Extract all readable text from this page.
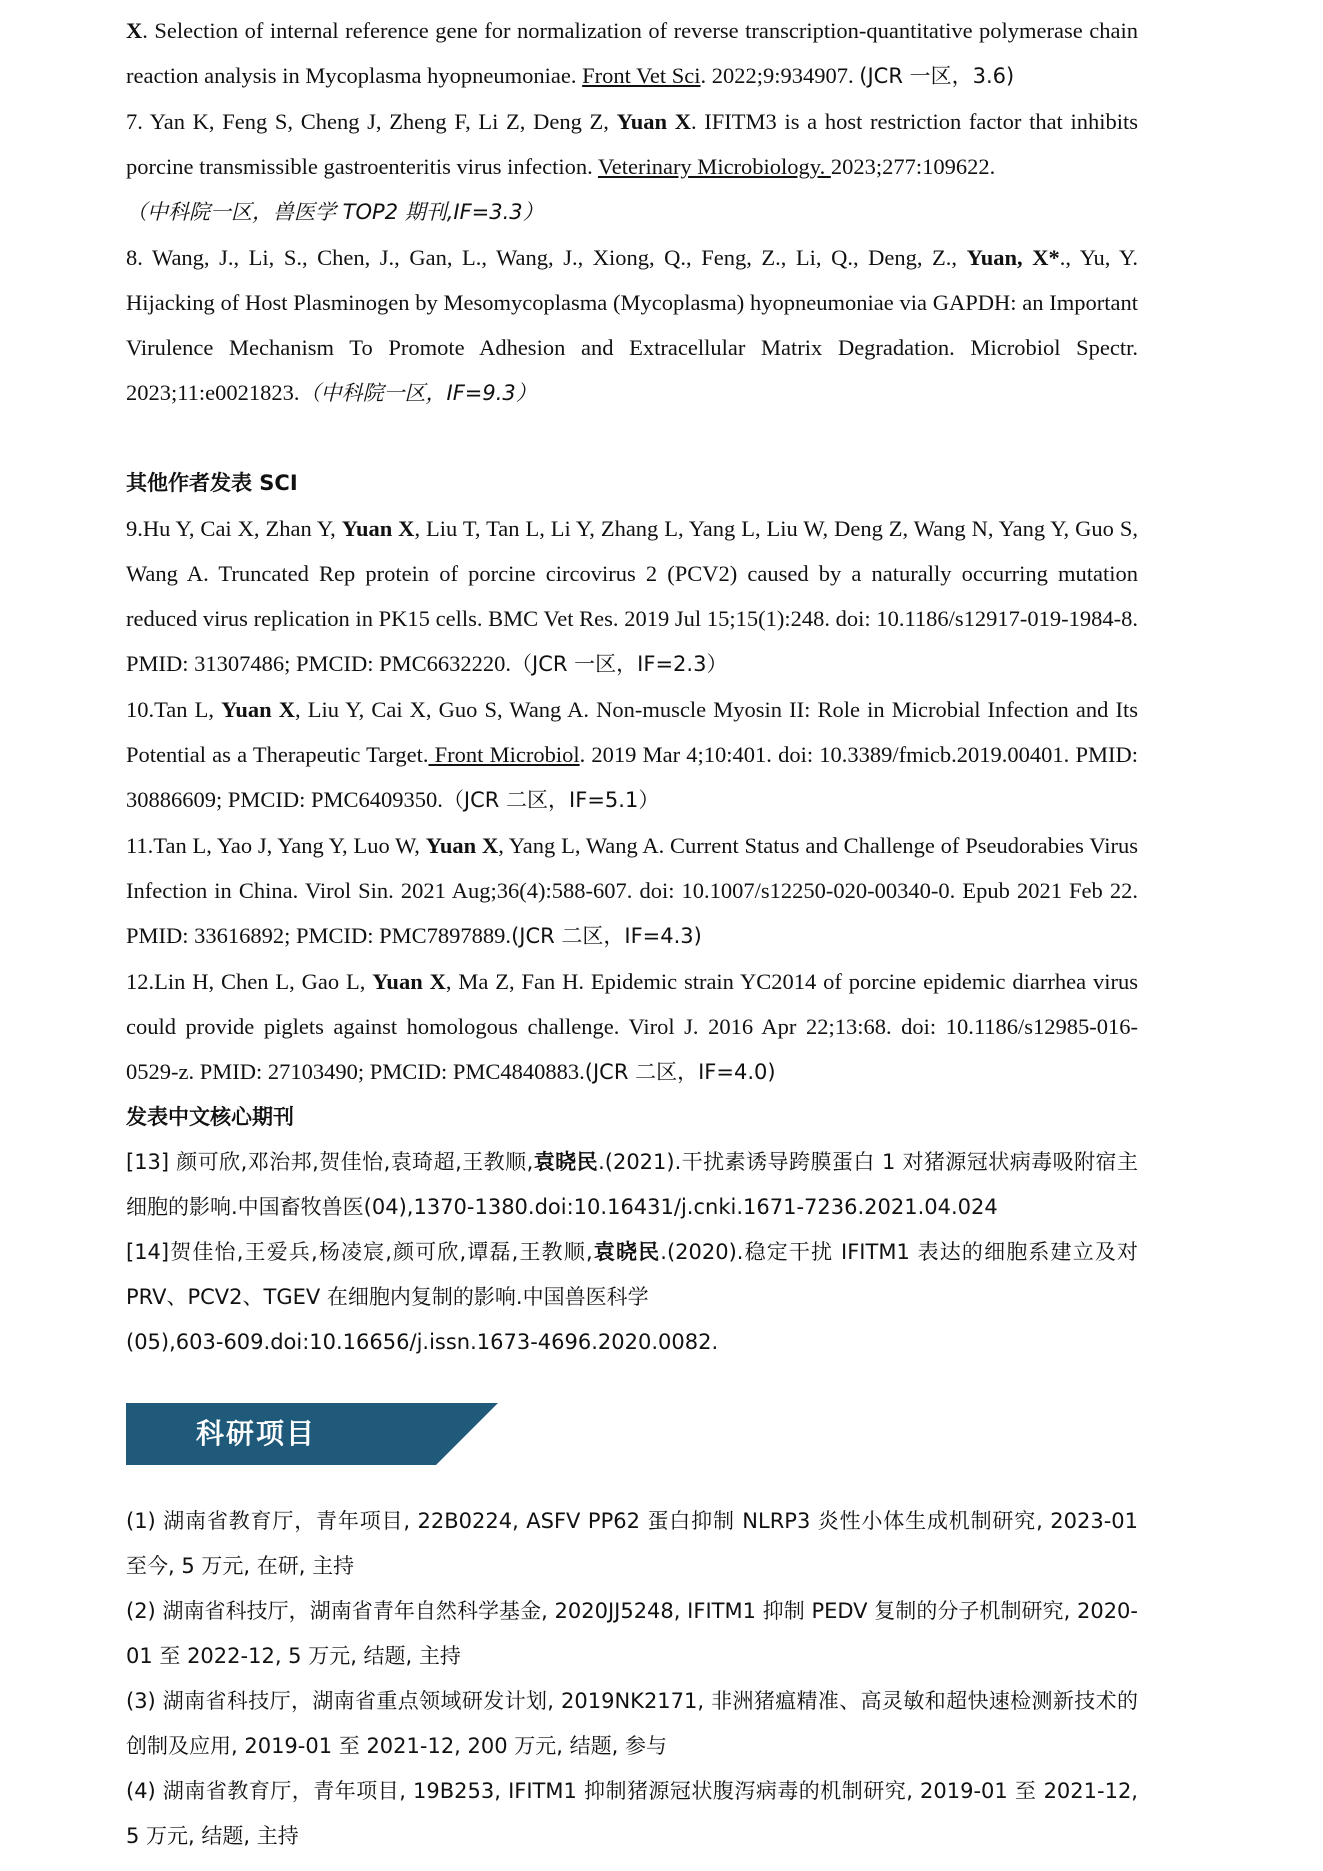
X. Selection of internal reference gene for normalization of reverse transcription-quantitative polymerase chain reaction analysis in Mycoplasma hyopneumoniae. Front Vet Sci. 2022;9:934907. (JCR 一区，3.6)

7. Yan K, Feng S, Cheng J, Zheng F, Li Z, Deng Z, Yuan X. IFITM3 is a host restriction factor that inhibits porcine transmissible gastroenteritis virus infection. Veterinary Microbiology. 2023;277:109622.
（中科院一区，兽医学 TOP2 期刊,IF=3.3）

8. Wang, J., Li, S., Chen, J., Gan, L., Wang, J., Xiong, Q., Feng, Z., Li, Q., Deng, Z., Yuan, X*., Yu, Y. Hijacking of Host Plasminogen by Mesomycoplasma (Mycoplasma) hyopneumoniae via GAPDH: an Important Virulence Mechanism To Promote Adhesion and Extracellular Matrix Degradation. Microbiol Spectr. 2023;11:e0021823.（中科院一区，IF=9.3）

其他作者发表 SCI

9.Hu Y, Cai X, Zhan Y, Yuan X, Liu T, Tan L, Li Y, Zhang L, Yang L, Liu W, Deng Z, Wang N, Yang Y, Guo S, Wang A. Truncated Rep protein of porcine circovirus 2 (PCV2) caused by a naturally occurring mutation reduced virus replication in PK15 cells. BMC Vet Res. 2019 Jul 15;15(1):248. doi: 10.1186/s12917-019-1984-8. PMID: 31307486; PMCID: PMC6632220.（JCR 一区，IF=2.3）

10.Tan L, Yuan X, Liu Y, Cai X, Guo S, Wang A. Non-muscle Myosin II: Role in Microbial Infection and Its Potential as a Therapeutic Target. Front Microbiol. 2019 Mar 4;10:401. doi: 10.3389/fmicb.2019.00401. PMID: 30886609; PMCID: PMC6409350.（JCR 二区，IF=5.1）

11.Tan L, Yao J, Yang Y, Luo W, Yuan X, Yang L, Wang A. Current Status and Challenge of Pseudorabies Virus Infection in China. Virol Sin. 2021 Aug;36(4):588-607. doi: 10.1007/s12250-020-00340-0. Epub 2021 Feb 22. PMID: 33616892; PMCID: PMC7897889.(JCR 二区，IF=4.3)

12.Lin H, Chen L, Gao L, Yuan X, Ma Z, Fan H. Epidemic strain YC2014 of porcine epidemic diarrhea virus could provide piglets against homologous challenge. Virol J. 2016 Apr 22;13:68. doi: 10.1186/s12985-016-0529-z. PMID: 27103490; PMCID: PMC4840883.(JCR 二区，IF=4.0)

发表中文核心期刊

[13] 颜可欣,邓治邦,贺佳怡,袁琦超,王教顺,袁晓民.(2021).干扰素诱导跨膜蛋白 1 对猪源冠状病毒吸附宿主细胞的影响.中国畜牧兽医(04),1370-1380.doi:10.16431/j.cnki.1671-7236.2021.04.024

[14]贺佳怡,王爱兵,杨凌宸,颜可欣,谭磊,王教顺,袁晓民.(2020).稳定干扰 IFITM1 表达的细胞系建立及对 PRV、PCV2、TGEV 在细胞内复制的影响.中国兽医科学
(05),603-609.doi:10.16656/j.issn.1673-4696.2020.0082.

科研项目

(1) 湖南省教育厅，青年项目, 22B0224, ASFV PP62 蛋白抑制 NLRP3 炎性小体生成机制研究, 2023-01 至今, 5 万元, 在研, 主持

(2) 湖南省科技厅，湖南省青年自然科学基金, 2020JJ5248, IFITM1 抑制 PEDV 复制的分子机制研究, 2020-01 至 2022-12, 5 万元, 结题, 主持

(3) 湖南省科技厅，湖南省重点领域研发计划, 2019NK2171, 非洲猪瘟精准、高灵敏和超快速检测新技术的创制及应用, 2019-01 至 2021-12, 200 万元, 结题, 参与

(4) 湖南省教育厅，青年项目, 19B253, IFITM1 抑制猪源冠状腹泻病毒的机制研究, 2019-01 至 2021-12, 5 万元, 结题, 主持
